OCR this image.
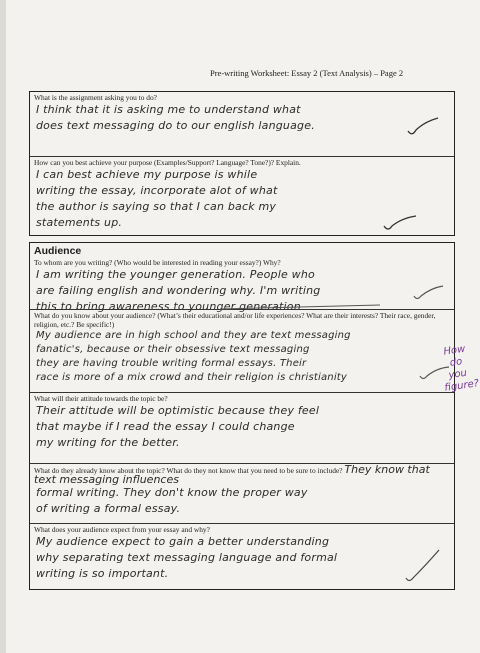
Pre-writing Worksheet: Essay 2 (Text Analysis) – Page 2
What is the assignment asking you to do?
I think that it is asking me to understand what
does text messaging do to our english language.
How can you best achieve your purpose (Examples/Support? Language? Tone?)? Explain.
I can best achieve my purpose is while
writing the essay, incorporate alot of what
the author is saying so that I can back my
statements up.
Audience
To whom are you writing? (Who would be interested in reading your essay?) Why?
I am writing the younger generation. People who
are failing english and wondering why. I'm writing
this to bring awareness to younger generation
What do you know about your audience? (What’s their educational and/or life experiences? What are their interests? Their race, gender, religion, etc.? Be specific!)
My audience are in high school and they are text messaging
fanatic's, because or their obsessive text messaging
they are having trouble writing formal essays. Their
race is more of a mix crowd and their religion is christianity
What will their attitude towards the topic be?
Their attitude will be optimistic because they feel
that maybe if I read the essay I could change
my writing for the better.
What do they already know about the topic? What do they not know that you need to be sure to include? They know that text messaging influences
formal writing. They don't know the proper way
of writing a formal essay.
What does your audience expect from your essay and why?
My audience expect to gain a better understanding
why separating text messaging language and formal
writing is so important.
How
do
you
figure?
